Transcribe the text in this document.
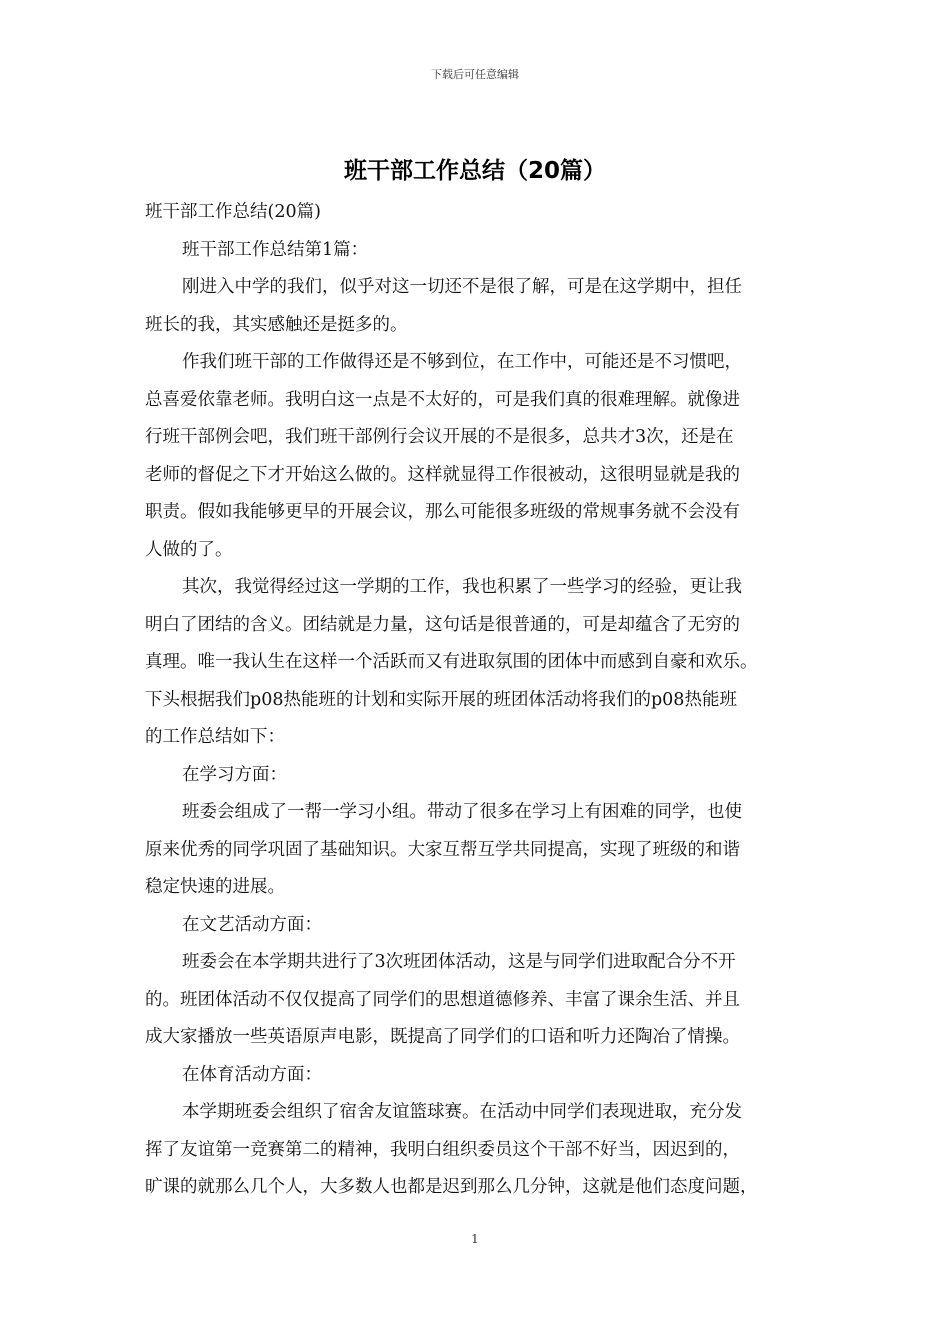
下载后可任意编辑
班干部工作总结（20篇）
班干部工作总结(20篇)
班干部工作总结第1篇：
刚进入中学的我们，似乎对这一切还不是很了解，可是在这学期中，担任
班长的我，其实感触还是挺多的。
作我们班干部的工作做得还是不够到位，在工作中，可能还是不习惯吧，
总喜爱依靠老师。我明白这一点是不太好的，可是我们真的很难理解。就像进
行班干部例会吧，我们班干部例行会议开展的不是很多，总共才3次，还是在
老师的督促之下才开始这么做的。这样就显得工作很被动，这很明显就是我的
职责。假如我能够更早的开展会议，那么可能很多班级的常规事务就不会没有
人做的了。
其次，我觉得经过这一学期的工作，我也积累了一些学习的经验，更让我
明白了团结的含义。团结就是力量，这句话是很普通的，可是却蕴含了无穷的
真理。唯一我认生在这样一个活跃而又有进取氛围的团体中而感到自豪和欢乐。
下头根据我们p08热能班的计划和实际开展的班团体活动将我们的p08热能班
的工作总结如下：
在学习方面：
班委会组成了一帮一学习小组。带动了很多在学习上有困难的同学，也使
原来优秀的同学巩固了基础知识。大家互帮互学共同提高，实现了班级的和谐
稳定快速的进展。
在文艺活动方面：
班委会在本学期共进行了3次班团体活动，这是与同学们进取配合分不开
的。班团体活动不仅仅提高了同学们的思想道德修养、丰富了课余生活、并且
成大家播放一些英语原声电影，既提高了同学们的口语和听力还陶冶了情操。
在体育活动方面：
本学期班委会组织了宿舍友谊篮球赛。在活动中同学们表现进取，充分发
挥了友谊第一竞赛第二的精神，我明白组织委员这个干部不好当，因迟到的，
旷课的就那么几个人，大多数人也都是迟到那么几分钟，这就是他们态度问题，
1
